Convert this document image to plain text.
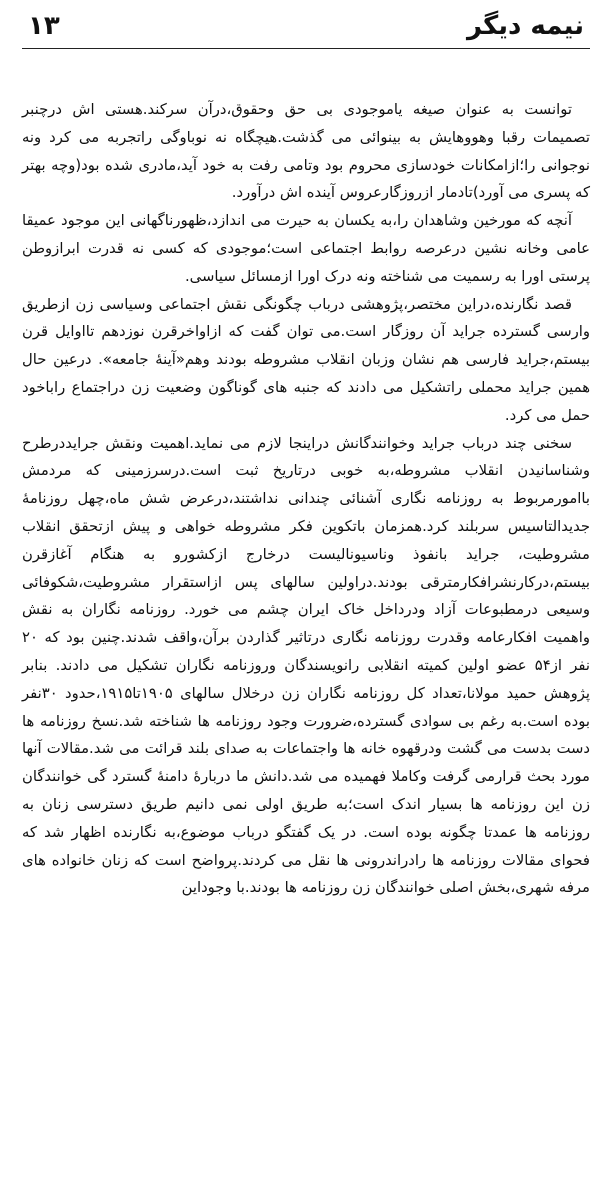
نیمه دیگر
۱۳

توانست به عنوان صیغه یاموجودی بی حق وحقوق،درآن سرکند.هستی اش درچنبر تصمیمات رقبا وهووهایش به بینوائی می گذشت.هیچگاه نه نوباوگی راتجربه می کرد ونه نوجوانی را؛ازامکانات خودسازی محروم بود وتامی رفت به خود آید،مادری شده بود(وچه بهتر که پسری می آورد)تادمار ازروزگارعروس آینده اش درآورد.

آنچه که مورخین وشاهدان را،به یکسان به حیرت می اندازد،ظهورناگهانی این موجود عمیقا عامی وخانه نشین درعرصه روابط اجتماعی است؛موجودی که کسی نه قدرت ابرازوطن پرستی اورا به رسمیت می شناخته ونه درک اورا ازمسائل سیاسی.

قصد نگارنده،دراین مختصر،پژوهشی درباب چگونگی نقش اجتماعی وسیاسی زن ازطریق وارسی گسترده جراید آن روزگار است.می توان گفت که ازاواخرقرن نوزدهم تااوایل قرن بیستم،جراید فارسی هم نشان وزبان انقلاب مشروطه بودند وهم«آینهٔ جامعه». درعین حال همین جراید محملی راتشکیل می دادند که جنبه های گوناگون وضعیت زن دراجتماع راباخود حمل می کرد.

سخنی چند درباب جراید وخوانندگانش دراینجا لازم می نماید.اهمیت ونقش جرایددرطرح وشناسانیدن انقلاب مشروطه،به خوبی درتاریخ ثبت است.درسرزمینی که مردمش باامورمربوط به روزنامه نگاری آشنائی چندانی نداشتند،درعرض شش ماه،چهل روزنامهٔ جدیدالتاسیس سربلند کرد.همزمان باتکوین فکر مشروطه خواهی و پیش ازتحقق انقلاب مشروطیت، جراید بانفوذ وناسیونالیست درخارج ازکشورو به هنگام آغازقرن بیستم،درکارنشرافکارمترقی بودند.دراولین سالهای پس ازاستقرار مشروطیت،شکوفائی وسیعی درمطبوعات آزاد ودرداخل خاک ایران چشم می خورد. روزنامه نگاران به نقش واهمیت افکارعامه وقدرت روزنامه نگاری درتاثیر گذاردن برآن،واقف شدند.چنین بود که ۲۰ نفر از۵۴ عضو اولین کمیته انقلابی رانویسندگان وروزنامه نگاران تشکیل می دادند. بنابر پژوهش حمید مولانا،تعداد کل روزنامه نگاران زن درخلال سالهای ۱۹۰۵تا۱۹۱۵،حدود ۳۰نفر بوده است.به رغم بی سوادی گسترده،ضرورت وجود روزنامه ها شناخته شد.نسخ روزنامه ها دست بدست می گشت ودرقهوه خانه ها واجتماعات به صدای بلند قرائت می شد.مقالات آنها مورد بحث قرارمی گرفت وکاملا فهمیده می شد.دانش ما دربارهٔ دامنهٔ گسترد گی خوانندگان زن این روزنامه ها بسیار اندک است؛به طریق اولی نمی دانیم طریق دسترسی زنان به روزنامه ها عمدتا چگونه بوده است. در یک گفتگو درباب موضوع،به نگارنده اظهار شد که فحوای مقالات روزنامه ها رادراندرونی ها نقل می کردند.پرواضح است که زنان خانواده های مرفه شهری،بخش اصلی خوانندگان زن روزنامه ها بودند.با وجوداین
